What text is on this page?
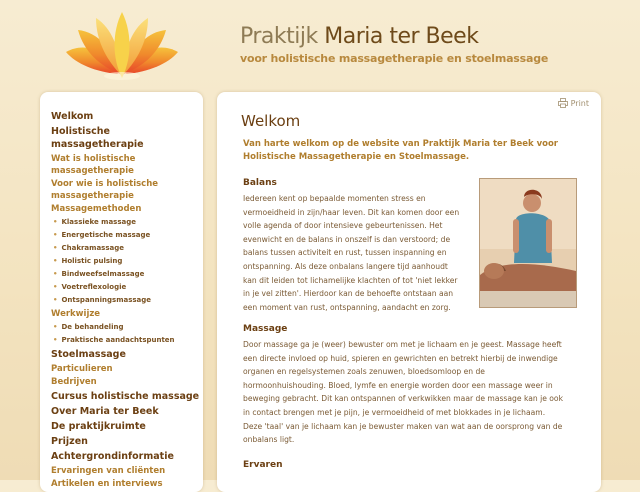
Praktijk Maria ter Beek
voor holistische massagetherapie en stoelmassage
Welkom
Holistische massagetherapie
Wat is holistische massagetherapie
Voor wie is holistische massagetherapie
Massagemethoden
• Klassieke massage
• Energetische massage
• Chakramassage
• Holistic pulsing
• Bindweefselmassage
• Voetreflexologie
• Ontspanningsmassage
Werkwijze
• De behandeling
• Praktische aandachtspunten
Stoelmassage
Particulieren
Bedrijven
Cursus holistische massage
Over Maria ter Beek
De praktijkruimte
Prijzen
Achtergrondinformatie
Ervaringen van cliënten
Artikelen en interviews
Print
Welkom
Van harte welkom op de website van Praktijk Maria ter Beek voor Holistische Massagetherapie en Stoelmassage.
Balans
Iedereen kent op bepaalde momenten stress en
vermoeidheid in zijn/haar leven. Dit kan komen door een
volle agenda of door intensieve gebeurtenissen. Het
evenwicht en de balans in onszelf is dan verstoord; de
balans tussen activiteit en rust, tussen inspanning en
ontspanning. Als deze onbalans langere tijd aanhoudt
kan dit leiden tot lichamelijke klachten of tot 'niet lekker
in je vel zitten'. Hierdoor kan de behoefte ontstaan aan
een moment van rust, ontspanning, aandacht en zorg.
Massage
Door massage ga je (weer) bewuster om met je lichaam en je geest. Massage heeft
een directe invloed op huid, spieren en gewrichten en betrekt hierbij de inwendige
organen en regelsystemen zoals zenuwen, bloedsomloop en de
hormoonhuishouding. Bloed, lymfe en energie worden door een massage weer in
beweging gebracht. Dit kan ontspannen of verkwikken maar de massage kan je ook
in contact brengen met je pijn, je vermoeidheid of met blokkades in je lichaam.
Deze 'taal' van je lichaam kan je bewuster maken van wat aan de oorsprong van de
onbalans ligt.
Ervaren
